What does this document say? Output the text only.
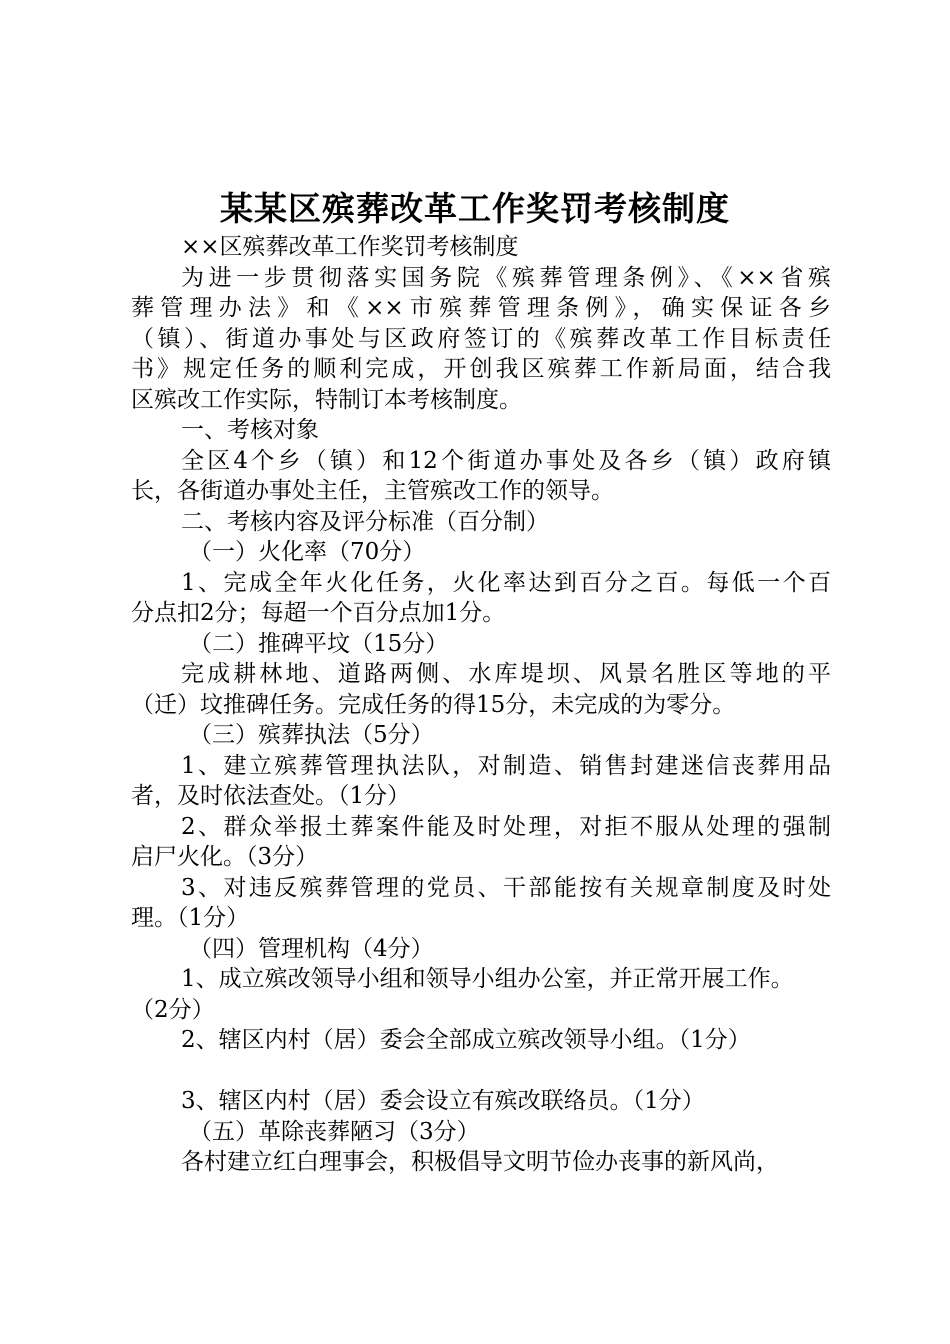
某某区殡葬改革工作奖罚考核制度
××区殡葬改革工作奖罚考核制度
为进一步贯彻落实国务院《殡葬管理条例》、《××省殡
葬管理办法》和《××市殡葬管理条例》，确实保证各乡
（镇）、街道办事处与区政府签订的《殡葬改革工作目标责任
书》规定任务的顺利完成，开创我区殡葬工作新局面，结合我
区殡改工作实际，特制订本考核制度。
一、考核对象
全区4个乡（镇）和12个街道办事处及各乡（镇）政府镇
长，各街道办事处主任，主管殡改工作的领导。
二、考核内容及评分标准（百分制）
（一）火化率（70分）
1、完成全年火化任务，火化率达到百分之百。每低一个百
分点扣2分；每超一个百分点加1分。
（二）推碑平坟（15分）
完成耕林地、道路两侧、水库堤坝、风景名胜区等地的平
（迁）坟推碑任务。完成任务的得15分，未完成的为零分。
（三）殡葬执法（5分）
1、建立殡葬管理执法队，对制造、销售封建迷信丧葬用品
者，及时依法查处。（1分）
2、群众举报土葬案件能及时处理，对拒不服从处理的强制
启尸火化。（3分）
3、对违反殡葬管理的党员、干部能按有关规章制度及时处
理。（1分）
（四）管理机构（4分）
1、成立殡改领导小组和领导小组办公室，并正常开展工作。
（2分）
2、辖区内村（居）委会全部成立殡改领导小组。（1分）
3、辖区内村（居）委会设立有殡改联络员。（1分）
（五）革除丧葬陋习（3分）
各村建立红白理事会，积极倡导文明节俭办丧事的新风尚，
